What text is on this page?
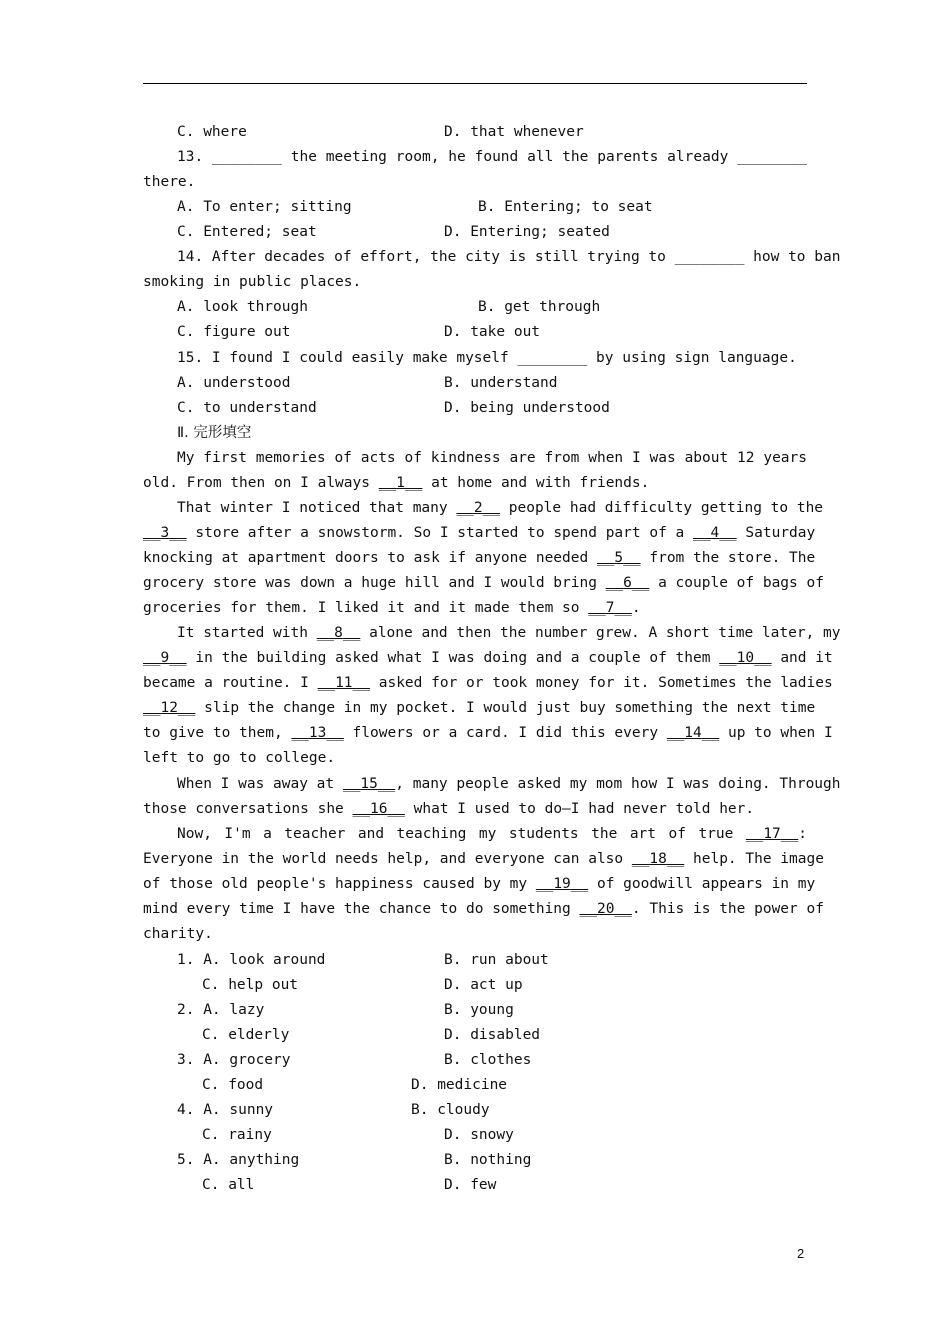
C. where	D. that whenever
13. ________ the meeting room, he found all the parents already ________
there.
A. To enter; sitting	B. Entering; to seat
C. Entered; seat	D. Entering; seated
14. After decades of effort, the city is still trying to ________ how to ban
smoking in public places.
A. look through	B. get through
C. figure out	D. take out
15. I found I could easily make myself ________ by using sign language.
A. understood	B. understand
C. to understand	D. being understood
Ⅱ. 完形填空
My first memories of acts of kindness are from when I was about 12 years
old. From then on I always __1__ at home and with friends.
That winter I noticed that many __2__ people had difficulty getting to the
__3__ store after a snowstorm. So I started to spend part of a __4__ Saturday
knocking at apartment doors to ask if anyone needed __5__ from the store. The
grocery store was down a huge hill and I would bring __6__ a couple of bags of
groceries for them. I liked it and it made them so __7__.
It started with __8__ alone and then the number grew. A short time later, my
__9__ in the building asked what I was doing and a couple of them __10__ and it
became a routine. I __11__ asked for or took money for it. Sometimes the ladies
__12__ slip the change in my pocket. I would just buy something the next time
to give to them, __13__ flowers or a card. I did this every __14__ up to when I
left to go to college.
When I was away at __15__, many people asked my mom how I was doing. Through
those conversations she __16__ what I used to do—I had never told her.
Now, I'm a teacher and teaching my students the art of true __17__:
Everyone in the world needs help, and everyone can also __18__ help. The image
of those old people's happiness caused by my __19__ of goodwill appears in my
mind every time I have the chance to do something __20__. This is the power of
charity.
1. A. look around	B. run about
C. help out	D. act up
2. A. lazy	B. young
C. elderly	D. disabled
3. A. grocery	B. clothes
C. food	D. medicine
4. A. sunny	B. cloudy
C. rainy	D. snowy
5. A. anything	B. nothing
C. all	D. few
2
